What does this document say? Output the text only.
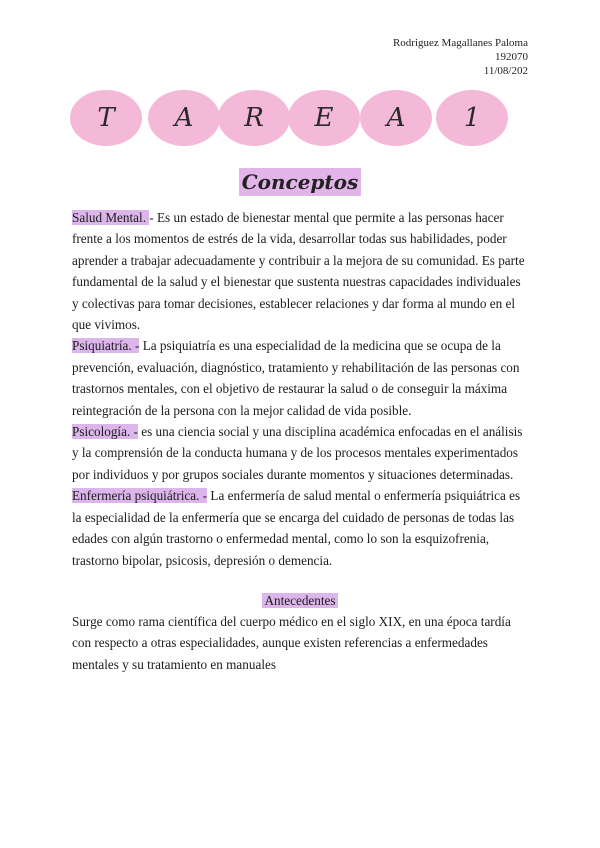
Rodriguez Magallanes Paloma
192070
11/08/202
T	A	R	E	A	1
Conceptos

Salud Mental. - Es un estado de bienestar mental que permite a las personas hacer frente a los momentos de estrés de la vida, desarrollar todas sus habilidades, poder aprender a trabajar adecuadamente y contribuir a la mejora de su comunidad. Es parte fundamental de la salud y el bienestar que sustenta nuestras capacidades individuales y colectivas para tomar decisiones, establecer relaciones y dar forma al mundo en el que vivimos.

Psiquiatría. - La psiquiatría es una especialidad de la medicina que se ocupa de la prevención, evaluación, diagnóstico, tratamiento y rehabilitación de las personas con trastornos mentales, con el objetivo de restaurar la salud o de conseguir la máxima reintegración de la persona con la mejor calidad de vida posible.

Psicología. - es una ciencia social y una disciplina académica enfocadas en el análisis y la comprensión de la conducta humana y de los procesos mentales experimentados por individuos y por grupos sociales durante momentos y situaciones determinadas.

Enfermería psiquiátrica. - La enfermería de salud mental o enfermería psiquiátrica es la especialidad de la enfermería que se encarga del cuidado de personas de todas las edades con algún trastorno o enfermedad mental, como lo son la esquizofrenia, trastorno bipolar, psicosis, depresión o demencia.

Antecedentes

Surge como rama científica del cuerpo médico en el siglo XIX, en una época tardía con respecto a otras especialidades, aunque existen referencias a enfermedades mentales y su tratamiento en manuales
